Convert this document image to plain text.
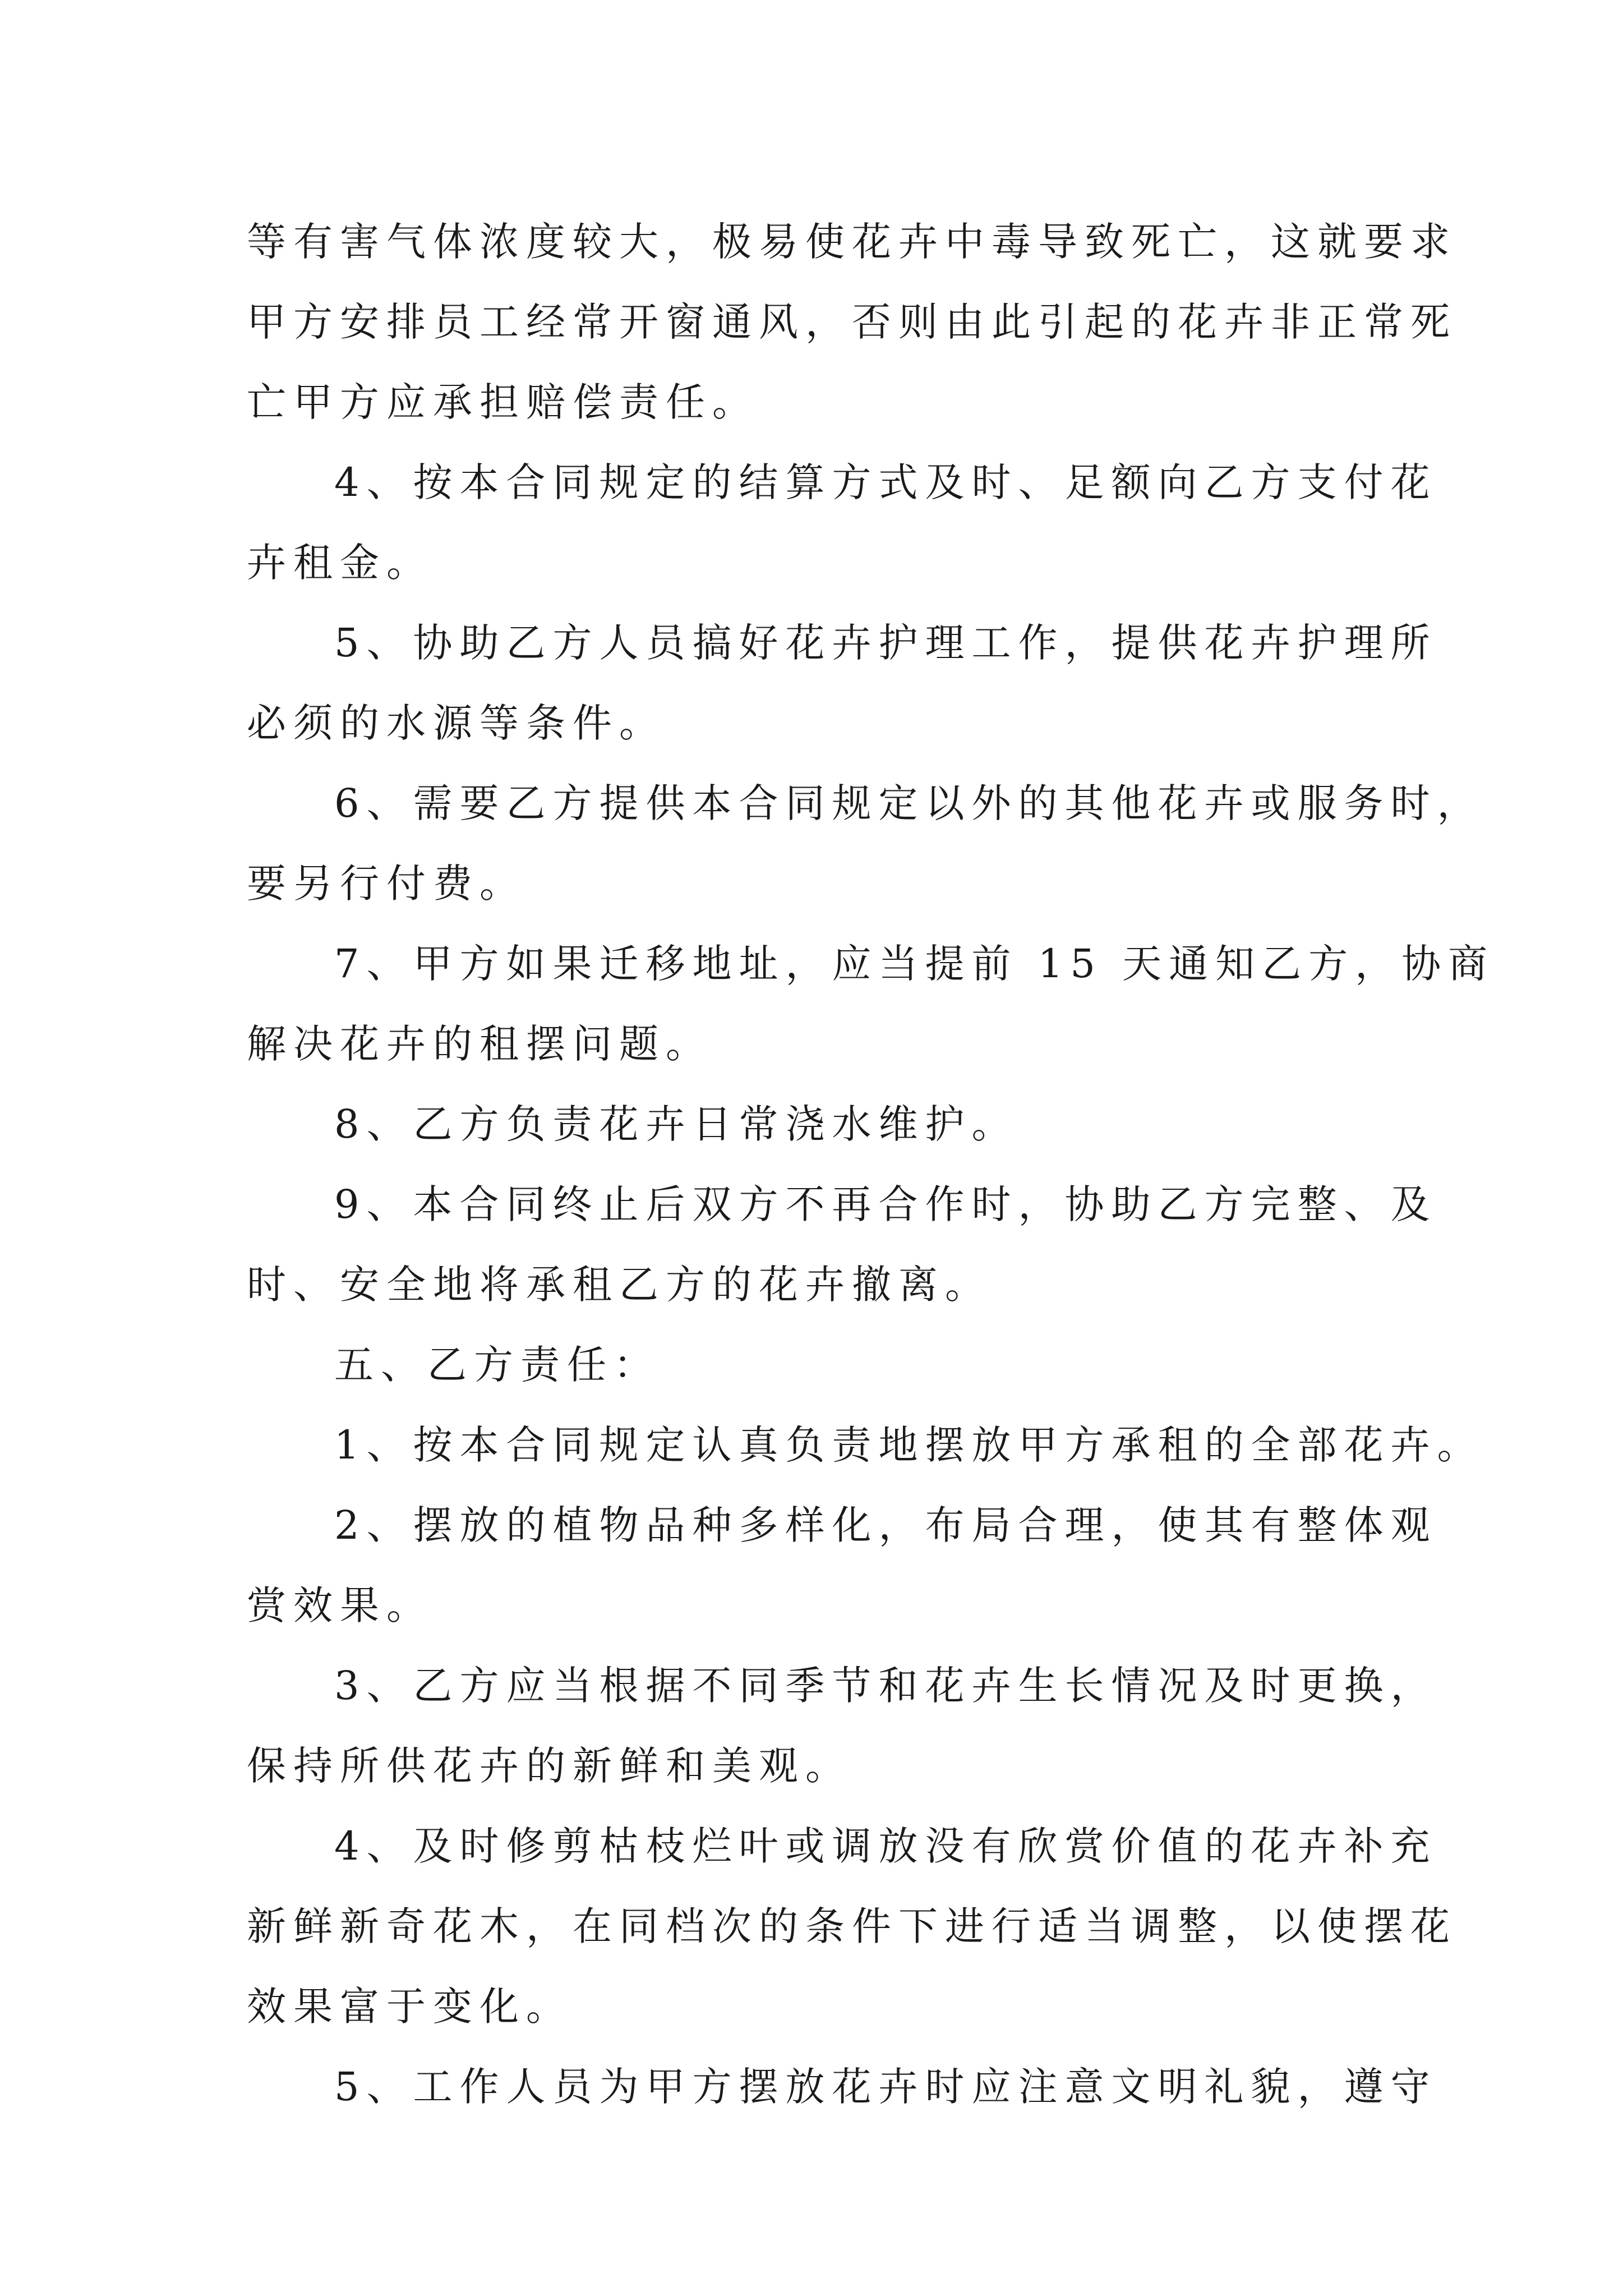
等有害气体浓度较大，极易使花卉中毒导致死亡，这就要求
甲方安排员工经常开窗通风，否则由此引起的花卉非正常死
亡甲方应承担赔偿责任。
4、按本合同规定的结算方式及时、足额向乙方支付花
卉租金。
5、协助乙方人员搞好花卉护理工作，提供花卉护理所
必须的水源等条件。
6、需要乙方提供本合同规定以外的其他花卉或服务时，
要另行付费。
7、甲方如果迁移地址，应当提前 15 天通知乙方，协商
解决花卉的租摆问题。
8、乙方负责花卉日常浇水维护。
9、本合同终止后双方不再合作时，协助乙方完整、及
时、安全地将承租乙方的花卉撤离。
五、乙方责任：
1、按本合同规定认真负责地摆放甲方承租的全部花卉。
2、摆放的植物品种多样化，布局合理，使其有整体观
赏效果。
3、乙方应当根据不同季节和花卉生长情况及时更换，
保持所供花卉的新鲜和美观。
4、及时修剪枯枝烂叶或调放没有欣赏价值的花卉补充
新鲜新奇花木，在同档次的条件下进行适当调整，以使摆花
效果富于变化。
5、工作人员为甲方摆放花卉时应注意文明礼貌，遵守
